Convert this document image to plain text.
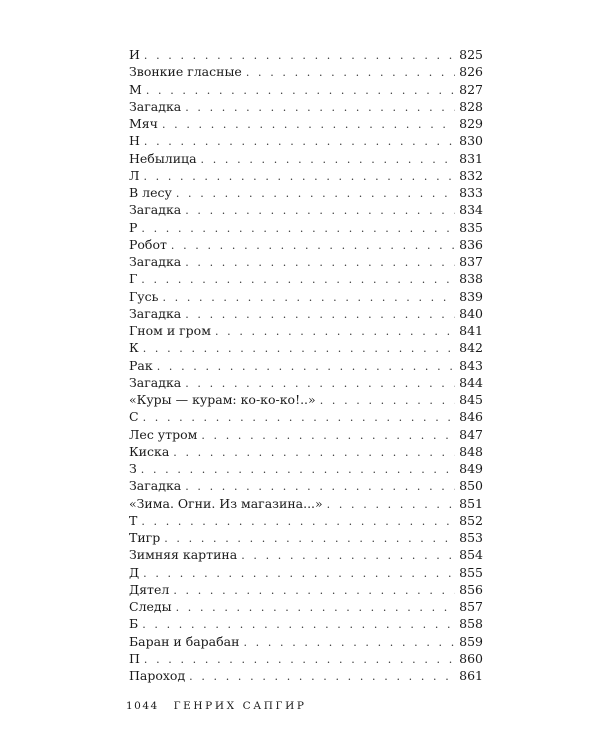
И . . .	825
Звонкие гласные . . .	826
М . . .	827
Загадка . . .	828
Мяч . . .	829
Н . . .	830
Небылица . . .	831
Л . . .	832
В лесу . . .	833
Загадка . . .	834
Р . . .	835
Робот . . .	836
Загадка . . .	837
Г . . .	838
Гусь . . .	839
Загадка . . .	840
Гном и гром . . .	841
К . . .	842
Рак . . .	843
Загадка . . .	844
«Куры — курам: ко-ко-ко!..» . . .	845
С . . .	846
Лес утром . . .	847
Киска . . .	848
З . . .	849
Загадка . . .	850
«Зима. Огни. Из магазина...» . . .	851
Т . . .	852
Тигр . . .	853
Зимняя картина . . .	854
Д . . .	855
Дятел . . .	856
Следы . . .	857
Б . . .	858
Баран и барабан . . .	859
П . . .	860
Пароход . . .	861
1044 ГЕНРИХ САПГИР
